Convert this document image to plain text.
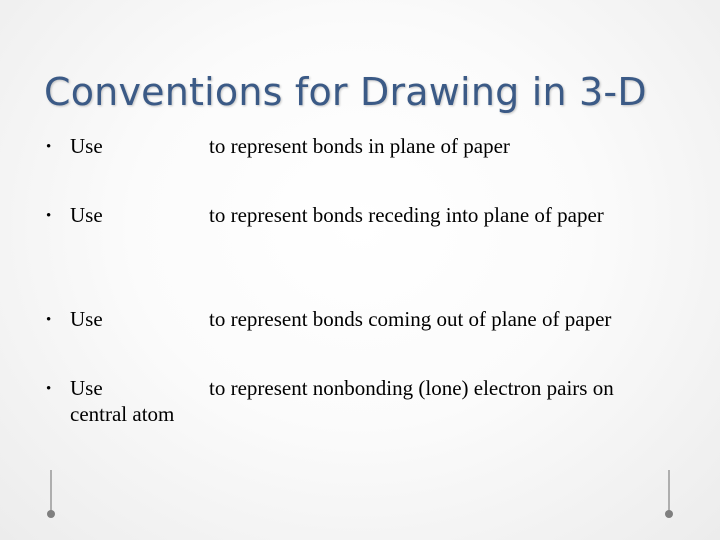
Conventions for Drawing in 3-D
• Use	to represent bonds in plane of paper
• Use	to represent bonds receding into plane of paper
• Use	to represent bonds coming out of plane of paper
• Use	to represent nonbonding (lone) electron pairs on
central atom
